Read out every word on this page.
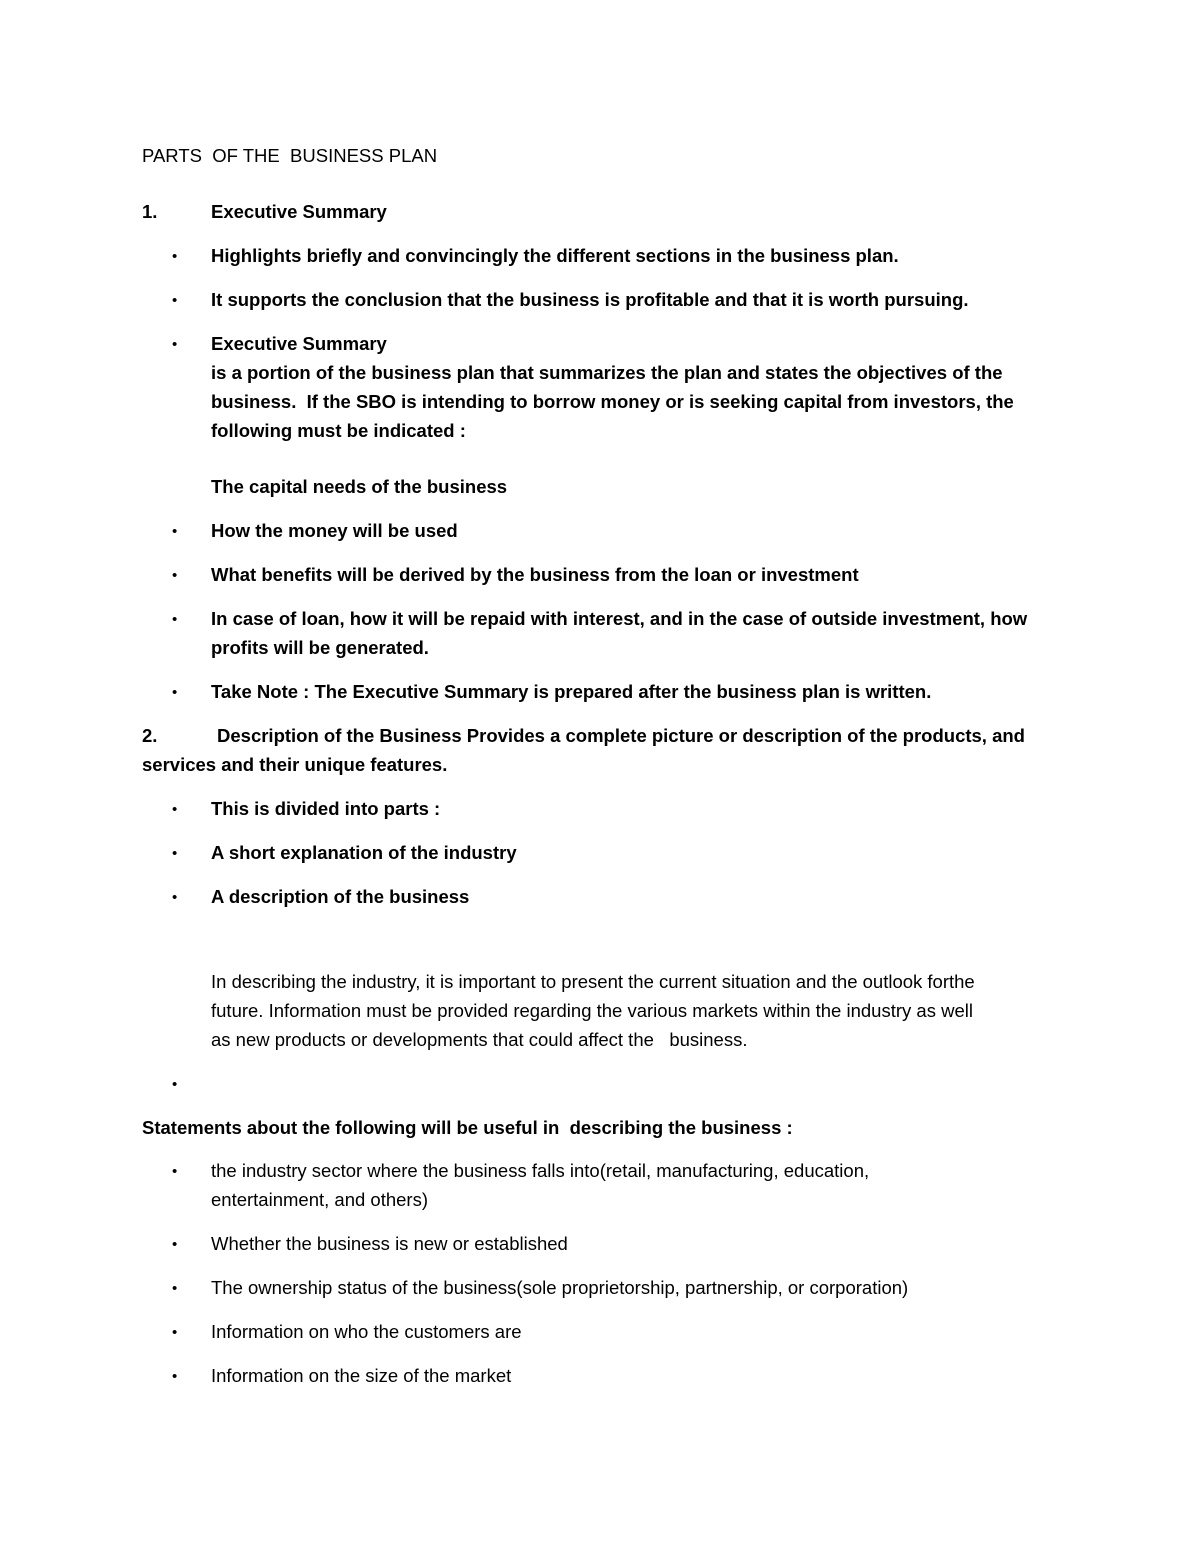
PARTS  OF THE  BUSINESS PLAN
1.	Executive Summary
• Highlights briefly and convincingly the different sections in the business plan.
• It supports the conclusion that the business is profitable and that it is worth pursuing.
• Executive Summary
is a portion of the business plan that summarizes the plan and states the objectives of the
business.  If the SBO is intending to borrow money or is seeking capital from investors, the
following must be indicated :
The capital needs of the business
• How the money will be used
• What benefits will be derived by the business from the loan or investment
• In case of loan, how it will be repaid with interest, and in the case of outside investment, how
profits will be generated.
• Take Note : The Executive Summary is prepared after the business plan is written.
2.	Description of the Business Provides a complete picture or description of the products, and
services and their unique features.
• This is divided into parts :
• A short explanation of the industry
• A description of the business
In describing the industry, it is important to present the current situation and the outlook forthe
future. Information must be provided regarding the various markets within the industry as well
as new products or developments that could affect the   business.
•
Statements about the following will be useful in  describing the business :
• the industry sector where the business falls into(retail, manufacturing, education,
entertainment, and others)
• Whether the business is new or established
• The ownership status of the business(sole proprietorship, partnership, or corporation)
• Information on who the customers are
• Information on the size of the market
